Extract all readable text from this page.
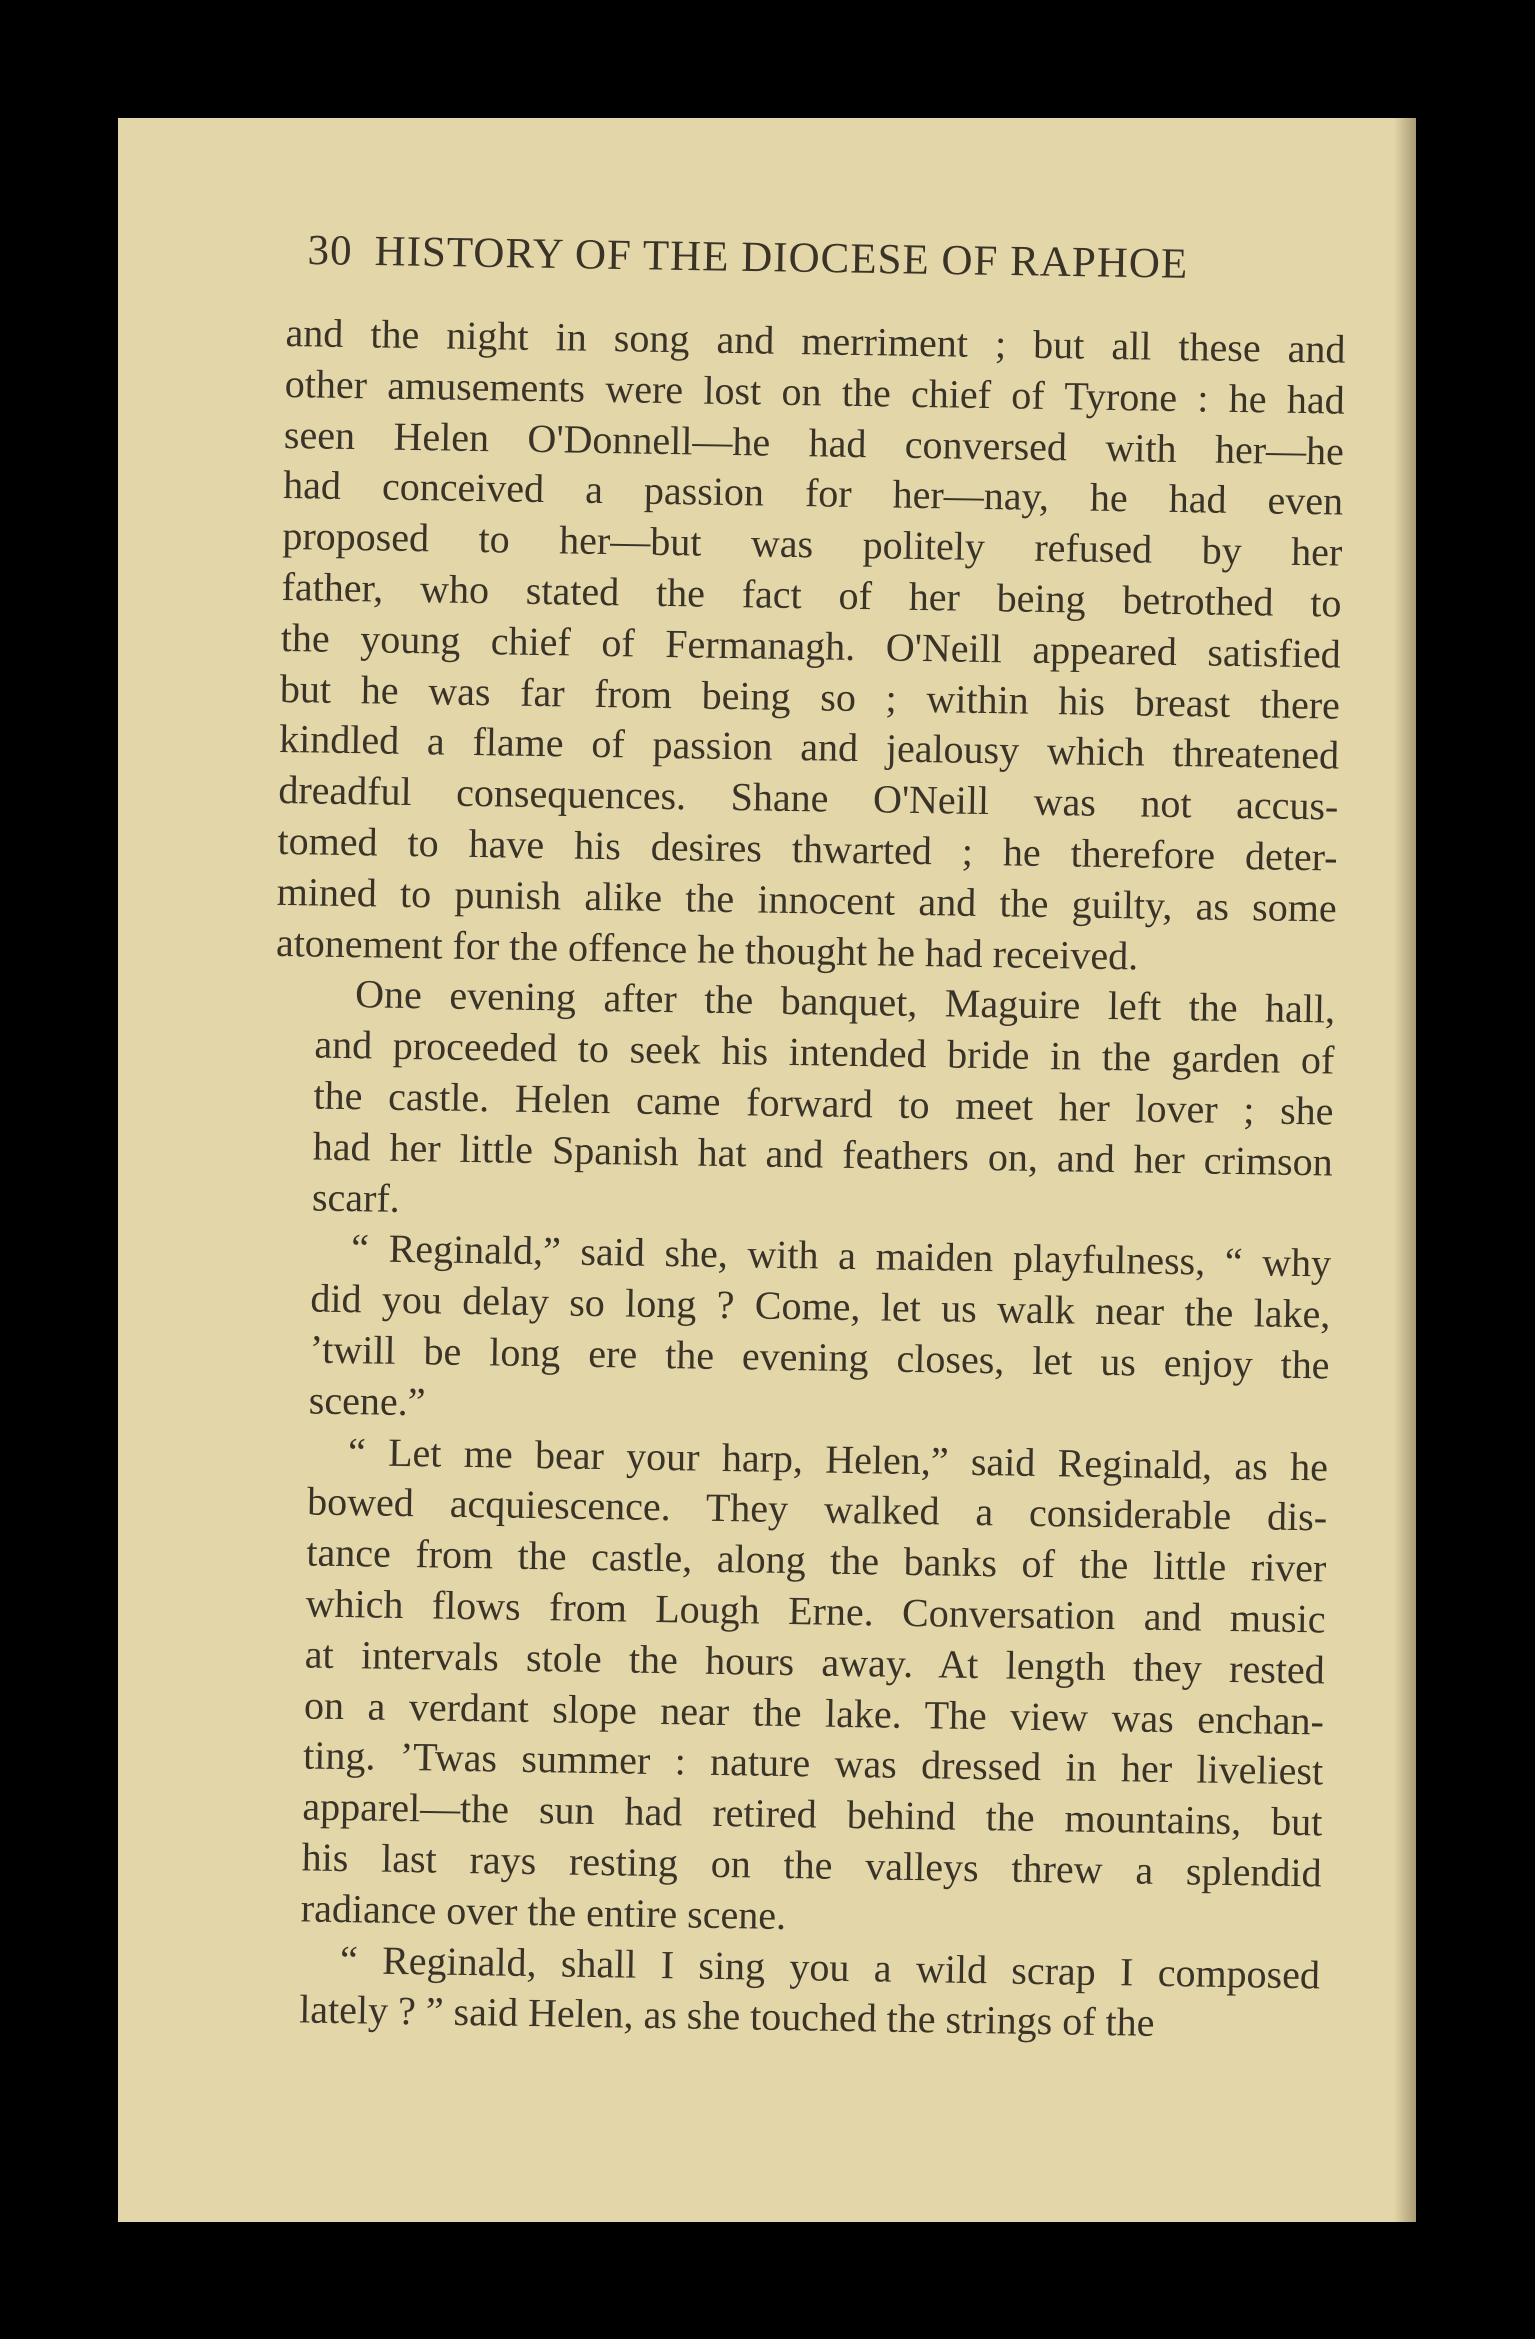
30 HISTORY OF THE DIOCESE OF RAPHOE
and the night in song and merriment ; but all these and
other amusements were lost on the chief of Tyrone : he had
seen Helen O'Donnell—he had conversed with her—he
had conceived a passion for her—nay, he had even
proposed to her—but was politely refused by her
father, who stated the fact of her being betrothed to
the young chief of Fermanagh. O'Neill appeared satisfied
but he was far from being so ; within his breast there
kindled a flame of passion and jealousy which threatened
dreadful consequences. Shane O'Neill was not accus-
tomed to have his desires thwarted ; he therefore deter-
mined to punish alike the innocent and the guilty, as some
atonement for the offence he thought he had received.
One evening after the banquet, Maguire left the hall,
and proceeded to seek his intended bride in the garden of
the castle. Helen came forward to meet her lover ; she
had her little Spanish hat and feathers on, and her crimson
scarf.
“ Reginald,” said she, with a maiden playfulness, “ why
did you delay so long ? Come, let us walk near the lake,
’twill be long ere the evening closes, let us enjoy the
scene.”
“ Let me bear your harp, Helen,” said Reginald, as he
bowed acquiescence. They walked a considerable dis-
tance from the castle, along the banks of the little river
which flows from Lough Erne. Conversation and music
at intervals stole the hours away. At length they rested
on a verdant slope near the lake. The view was enchan-
ting. ’Twas summer : nature was dressed in her liveliest
apparel—the sun had retired behind the mountains, but
his last rays resting on the valleys threw a splendid
radiance over the entire scene.
“ Reginald, shall I sing you a wild scrap I composed
lately ? ” said Helen, as she touched the strings of the
